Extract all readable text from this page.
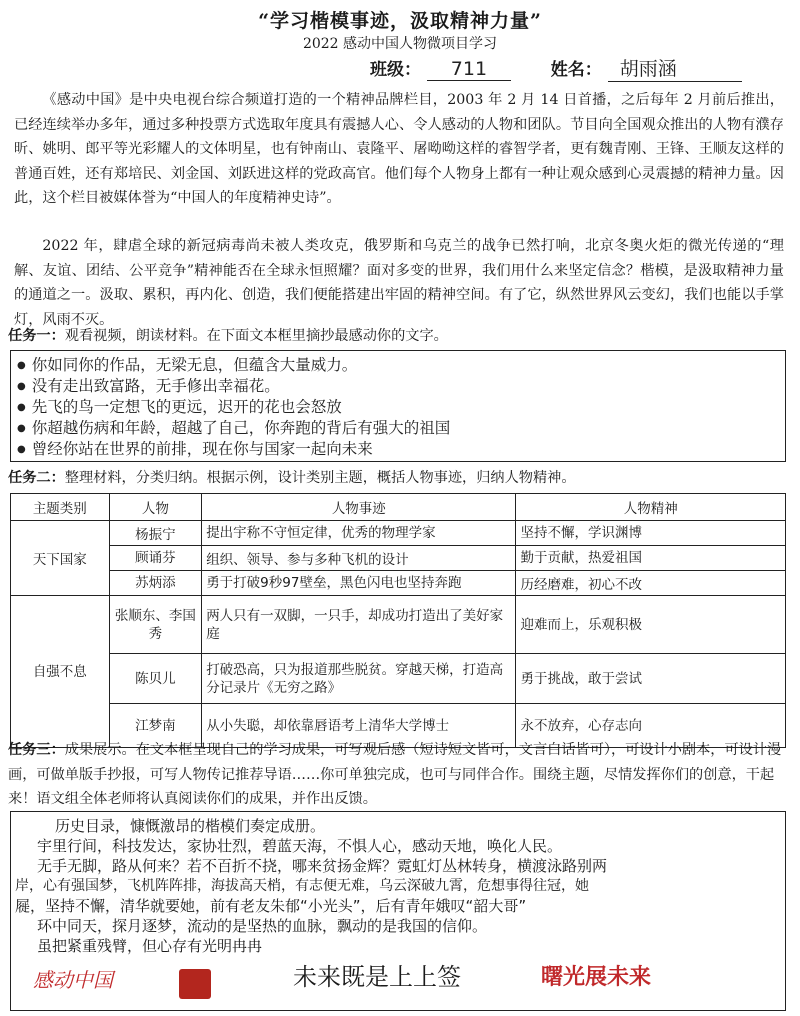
“学习楷模事迹，汲取精神力量”
2022 感动中国人物微项目学习
班级： 711	姓名： 胡雨涵
《感动中国》是中央电视台综合频道打造的一个精神品牌栏目，2003 年 2 月 14 日首播，之后每年 2 月前后推出，已经连续举办多年，通过多种投票方式选取年度具有震撼人心、令人感动的人物和团队。节目向全国观众推出的人物有濮存昕、姚明、郎平等光彩耀人的文体明星，也有钟南山、袁隆平、屠呦呦这样的睿智学者，更有魏青刚、王锋、王顺友这样的普通百姓，还有郑培民、刘金国、刘跃进这样的党政高官。他们每个人物身上都有一种让观众感到心灵震撼的精神力量。因此，这个栏目被媒体誉为“中国人的年度精神史诗”。
2022 年，肆虐全球的新冠病毒尚未被人类攻克，俄罗斯和乌克兰的战争已然打响，北京冬奥火炬的微光传递的“理解、友谊、团结、公平竞争”精神能否在全球永恒照耀？面对多变的世界，我们用什么来坚定信念？楷模，是汲取精神力量的通道之一。汲取、累积，再内化、创造，我们便能搭建出牢固的精神空间。有了它，纵然世界风云变幻，我们也能以手掌灯，风雨不灭。
任务一：观看视频，朗读材料。在下面文本框里摘抄最感动你的文字。
● 你如同你的作品，无梁无息，但蕴含大量威力。
● 没有走出致富路，无手修出幸福花。
● 先飞的鸟一定想飞的更远，迟开的花也会怒放
● 你超越伤病和年龄，超越了自己，你奔跑的背后有强大的祖国
● 曾经你站在世界的前排，现在你与国家一起向未来
任务二：整理材料，分类归纳。根据示例，设计类别主题，概括人物事迹，归纳人物精神。
主题类别	人物	人物事迹	人物精神
天下国家	杨振宁	提出宇称不守恒定律，优秀的物理学家	坚持不懈，学识渊博
	顾诵芬	组织、领导、参与多种飞机的设计	勤于贡献，热爱祖国
	苏炳添	勇于打破9秒97壁垒，黑色闪电也坚持奔跑	历经磨难，初心不改
自强不息	张顺东、李国秀	两人只有一双脚，一只手，却成功打造出了美好家庭	迎难而上，乐观积极
	陈贝儿	打破恐高，只为报道那些脱贫。穿越天梯，打造高分记录片《无穷之路》	勇于挑战，敢于尝试
	江梦南	从小失聪，却依靠唇语考上清华大学博士	永不放弃，心存志向
任务三：成果展示。在文本框呈现自己的学习成果，可写观后感（短诗短文皆可，文言白话皆可），可设计小剧本，可设计漫画，可做单版手抄报，可写人物传记推荐导语……你可单独完成，也可与同伴合作。围绕主题，尽情发挥你们的创意，干起来！语文组全体老师将认真阅读你们的成果，并作出反馈。
历史目录，慷慨激昂的楷模们奏定成册。
宇里行间，科技发达，家协壮烈，碧蓝天海，不惧人心，感动天地，唤化人民。
无手无脚，路从何来？若不百折不挠，哪来贫扬金辉？霓虹灯丛林转身，横渡泳路别两
岸，心有强国梦，飞机阵阵排，海拔高天梢，有志便无难，乌云深破九霄，危想事得往冠，她
屣，坚持不懈，清华就要她，前有老友朱郁“小光头”，后有青年娥叹“韶大哥”
环中同天，探月逐梦，流动的是坚热的血脉，飘动的是我国的信仰。
虽把紧重残臂，但心存有光明冉冉
感动中国	未来既是上上签	曙光展未来
